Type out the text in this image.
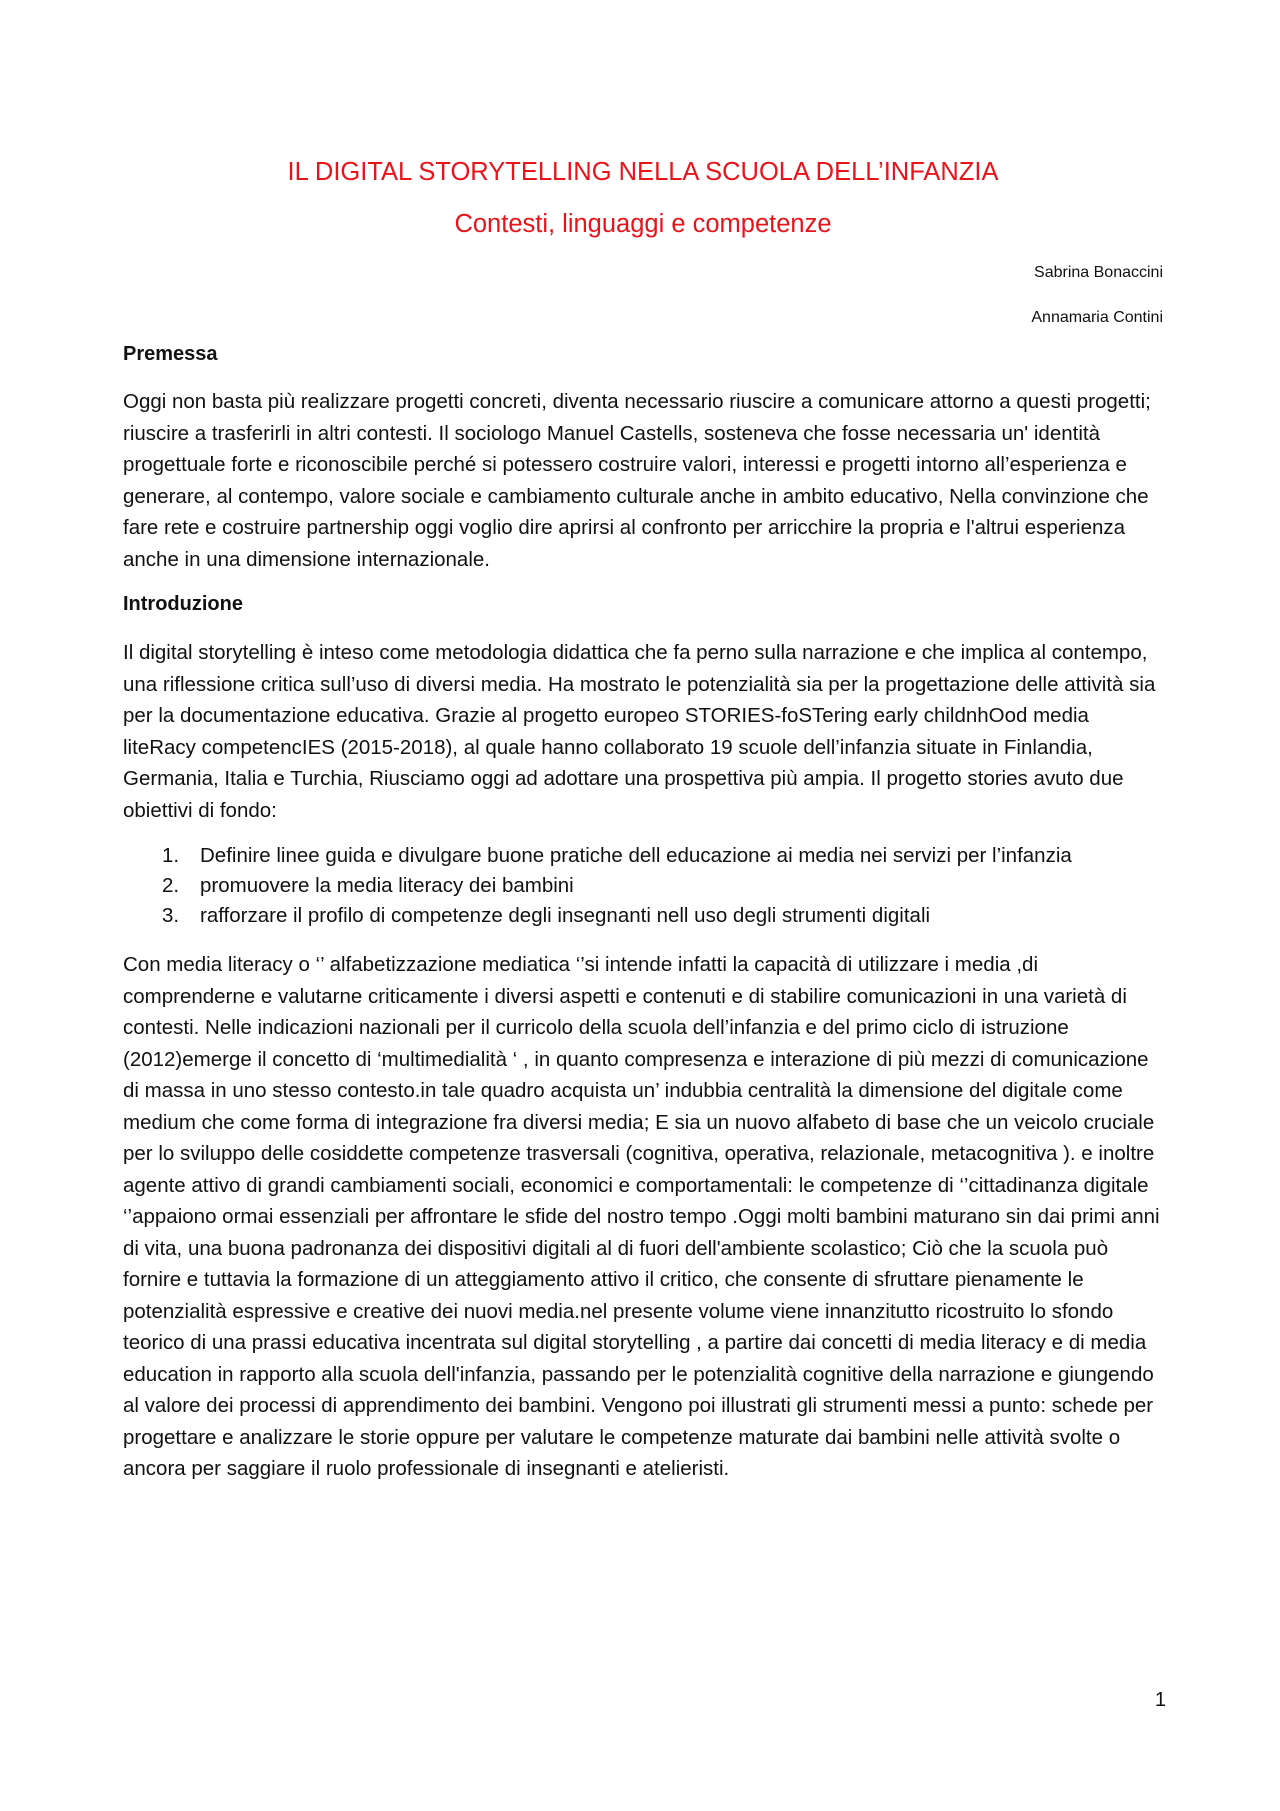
IL DIGITAL STORYTELLING NELLA SCUOLA DELL’INFANZIA
Contesti, linguaggi e competenze

Sabrina Bonaccini

Annamaria Contini

Premessa

Oggi non basta più realizzare progetti concreti, diventa necessario riuscire a comunicare attorno a questi progetti; riuscire a trasferirli in altri contesti. Il sociologo Manuel Castells, sosteneva che fosse necessaria un' identità progettuale forte e riconoscibile perché si potessero costruire valori, interessi e progetti intorno all’esperienza e generare, al contempo, valore sociale e cambiamento culturale anche in ambito educativo, Nella convinzione che fare rete e costruire partnership oggi voglio dire aprirsi al confronto per arricchire la propria e l'altrui esperienza anche in una dimensione internazionale.

Introduzione

Il digital storytelling è inteso come metodologia didattica che fa perno sulla narrazione e che implica al contempo, una riflessione critica sull’uso di diversi media. Ha mostrato le potenzialità sia per la progettazione delle attività sia per la documentazione educativa. Grazie al progetto europeo STORIES-foSTering early childnhOod media liteRacy competencIES (2015-2018), al quale hanno collaborato 19 scuole dell’infanzia situate in Finlandia, Germania, Italia e Turchia, Riusciamo oggi ad adottare una prospettiva più ampia. Il progetto stories avuto due obiettivi di fondo:

1. Definire linee guida e divulgare buone pratiche dell educazione ai media nei servizi per l’infanzia
2. promuovere la media literacy dei bambini
3. rafforzare il profilo di competenze degli insegnanti nell uso degli strumenti digitali

Con media literacy o ‘’ alfabetizzazione mediatica ‘’si intende infatti la capacità di utilizzare i media ,di comprenderne e valutarne criticamente i diversi aspetti e contenuti e di stabilire comunicazioni in una varietà di contesti. Nelle indicazioni nazionali per il curricolo della scuola dell’infanzia e del primo ciclo di istruzione (2012)emerge il concetto di ‘multimedialità ‘ , in quanto compresenza e interazione di più mezzi di comunicazione di massa in uno stesso contesto.in tale quadro acquista un’ indubbia centralità la dimensione del digitale come medium che come forma di integrazione fra diversi media; E sia un nuovo alfabeto di base che un veicolo cruciale per lo sviluppo delle cosiddette competenze trasversali (cognitiva, operativa, relazionale, metacognitiva ). e inoltre agente attivo di grandi cambiamenti sociali, economici e comportamentali: le competenze di ‘’cittadinanza digitale ‘’appaiono ormai essenziali per affrontare le sfide del nostro tempo .Oggi molti bambini maturano sin dai primi anni di vita, una buona padronanza dei dispositivi digitali al di fuori dell'ambiente scolastico; Ciò che la scuola può fornire e tuttavia la formazione di un atteggiamento attivo il critico, che consente di sfruttare pienamente le potenzialità espressive e creative dei nuovi media.nel presente volume viene innanzitutto ricostruito lo sfondo teorico di una prassi educativa incentrata sul digital storytelling , a partire dai concetti di media literacy e di media education in rapporto alla scuola dell'infanzia, passando per le potenzialità cognitive della narrazione e giungendo al valore dei processi di apprendimento dei bambini. Vengono poi illustrati gli strumenti messi a punto: schede per progettare e analizzare le storie oppure per valutare le competenze maturate dai bambini nelle attività svolte o ancora per saggiare il ruolo professionale di insegnanti e atelieristi.

1
